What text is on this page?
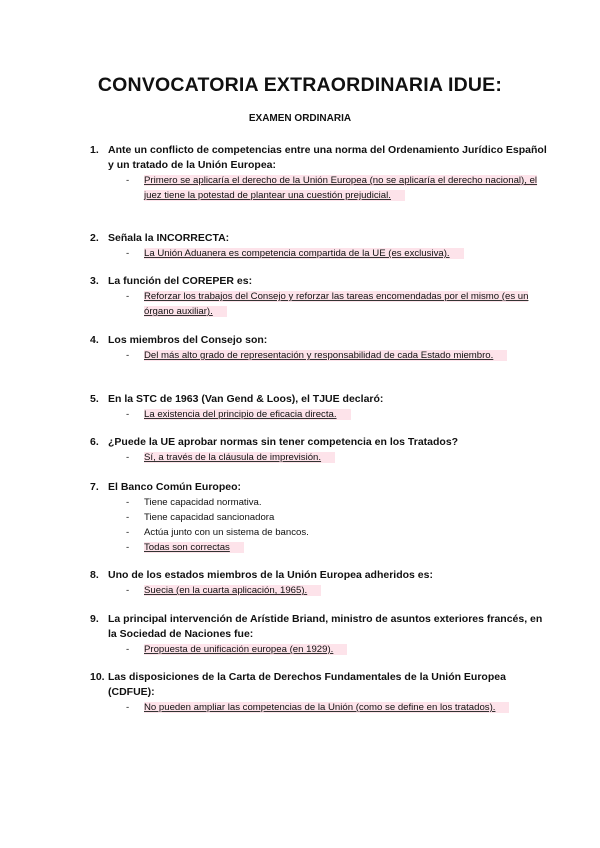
CONVOCATORIA EXTRAORDINARIA IDUE:
EXAMEN ORDINARIA
1. Ante un conflicto de competencias entre una norma del Ordenamiento Jurídico Español y un tratado de la Unión Europea:
- Primero se aplicaría el derecho de la Unión Europea (no se aplicaría el derecho nacional), el juez tiene la potestad de plantear una cuestión prejudicial.
2. Señala la INCORRECTA:
- La Unión Aduanera es competencia compartida de la UE (es exclusiva).
3. La función del COREPER es:
- Reforzar los trabajos del Consejo y reforzar las tareas encomendadas por el mismo (es un órgano auxiliar).
4. Los miembros del Consejo son:
- Del más alto grado de representación y responsabilidad de cada Estado miembro.
5. En la STC de 1963 (Van Gend & Loos), el TJUE declaró:
- La existencia del principio de eficacia directa.
6. ¿Puede la UE aprobar normas sin tener competencia en los Tratados?
- Sí, a través de la cláusula de imprevisión.
7. El Banco Común Europeo:
- Tiene capacidad normativa.
- Tiene capacidad sancionadora
- Actúa junto con un sistema de bancos.
- Todas son correctas
8. Uno de los estados miembros de la Unión Europea adheridos es:
- Suecia (en la cuarta aplicación, 1965).
9. La principal intervención de Arístide Briand, ministro de asuntos exteriores francés, en la Sociedad de Naciones fue:
- Propuesta de unificación europea (en 1929).
10. Las disposiciones de la Carta de Derechos Fundamentales de la Unión Europea (CDFUE):
- No pueden ampliar las competencias de la Unión (como se define en los tratados).
